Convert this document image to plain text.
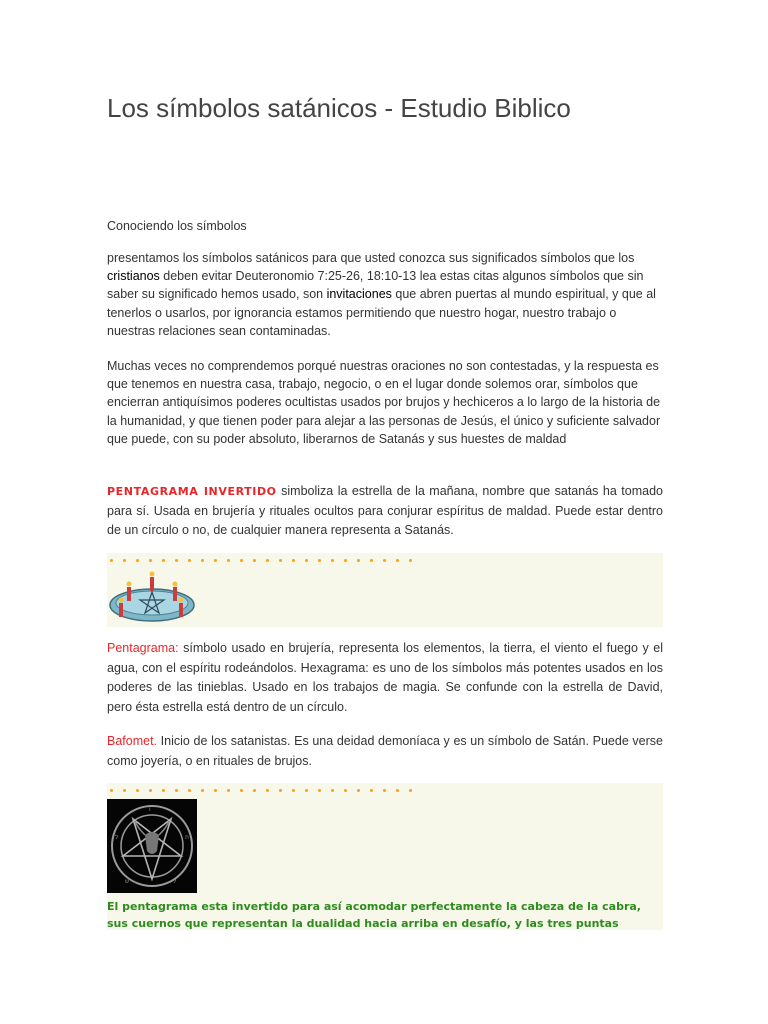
Los símbolos satánicos - Estudio Biblico
Conociendo los símbolos

presentamos los símbolos satánicos para que usted conozca sus significados símbolos que los cristianos deben evitar Deuteronomio 7:25-26, 18:10-13 lea estas citas algunos símbolos que sin saber su significado hemos usado, son invitaciones que abren puertas al mundo espiritual, y que al tenerlos o usarlos, por ignorancia estamos permitiendo que nuestro hogar, nuestro trabajo o nuestras relaciones sean contaminadas.

Muchas veces no comprendemos porqué nuestras oraciones no son contestadas, y la respuesta es que tenemos en nuestra casa, trabajo, negocio, o en el lugar donde solemos orar, símbolos que encierran antiquísimos poderes ocultistas usados por brujos y hechiceros a lo largo de la historia de la humanidad, y que tienen poder para alejar a las personas de Jesús, el único y suficiente salvador que puede, con su poder absoluto, liberarnos de Satanás y sus huestes de maldad

PENTAGRAMA INVERTIDO simboliza la estrella de la mañana, nombre que satanás ha tomado para sí. Usada en brujería y rituales ocultos para conjurar espíritus de maldad. Puede estar dentro de un círculo o no, de cualquier manera representa a Satanás.

Pentagrama: símbolo usado en brujería, representa los elementos, la tierra, el viento el fuego y el agua, con el espíritu rodeándolos. Hexagrama: es uno de los símbolos más potentes usados en los poderes de las tinieblas. Usado en los trabajos de magia. Se confunde con la estrella de David, pero ésta estrella está dentro de un círculo.

Bafomet. Inicio de los satanistas. Es una deidad demoníaca y es un símbolo de Satán. Puede verse como joyería, o en rituales de brujos.

ו
ל	ת
ש	ל
El pentagrama esta invertido para así acomodar perfectamente la cabeza de la cabra, sus cuernos que representan la dualidad hacia arriba en desafío, y las tres puntas
